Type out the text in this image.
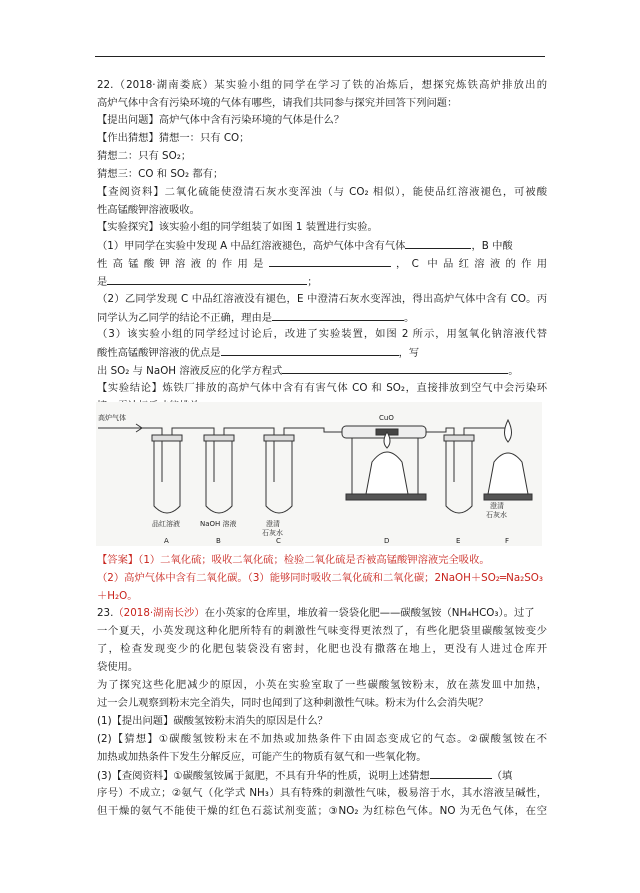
22.（2018·湖南娄底）某实验小组的同学在学习了铁的冶炼后，想探究炼铁高炉排放出的
高炉气体中含有污染环境的气体有哪些，请我们共同参与探究并回答下列问题：
【提出问题】高炉气体中含有污染环境的气体是什么？
【作出猜想】猜想一：只有 CO；
猜想二：只有 SO₂；
猜想三：CO 和 SO₂ 都有；
【查阅资料】二氧化硫能使澄清石灰水变浑浊（与 CO₂ 相似），能使品红溶液褪色，可被酸
性高锰酸钾溶液吸收。
【实验探究】该实验小组的同学组装了如图 1 装置进行实验。
（1）甲同学在实验中发现 A 中品红溶液褪色，高炉气体中含有气体	，B 中酸
性高锰酸钾溶液的作用是	，C 中品红溶液的作用
是	；
（2）乙同学发现 C 中品红溶液没有褪色，E 中澄清石灰水变浑浊，得出高炉气体中含有 CO。丙
同学认为乙同学的结论不正确，理由是	。
（3）该实验小组的同学经过讨论后，改进了实验装置，如图 2 所示，用氢氧化钠溶液代替
酸性高锰酸钾溶液的优点是	，写
出 SO₂ 与 NaOH 溶液反应的化学方程式	。
【实验结论】炼铁厂排放的高炉气体中含有有害气体 CO 和 SO₂，直接排放到空气中会污染环
高炉气体	CuO
品红溶液	NaOH 溶液	澄清
石灰水
澄清
石灰水
A	B	C	D	E	F
【答案】（1）二氧化硫；吸收二氧化硫；检验二氧化硫是否被高锰酸钾溶液完全吸收。
（2）高炉气体中含有二氧化碳。（3）能够同时吸收二氧化硫和二氧化碳；2NaOH＋SO₂═Na₂SO₃
＋H₂O。
23.（2018·湖南长沙）在小英家的仓库里，堆放着一袋袋化肥——碳酸氢铵（NH₄HCO₃）。过了
一个夏天，小英发现这种化肥所特有的刺激性气味变得更浓烈了，有些化肥袋里碳酸氢铵变少
了，检查发现变少的化肥包装袋没有密封，化肥也没有撒落在地上，更没有人进过仓库开
袋使用。
为了探究这些化肥减少的原因，小英在实验室取了一些碳酸氢铵粉末，放在蒸发皿中加热，
过一会儿观察到粉末完全消失，同时也闻到了这种刺激性气味。粉末为什么会消失呢？
(1)【提出问题】碳酸氢铵粉末消失的原因是什么？
(2)【猜想】①碳酸氢铵粉末在不加热或加热条件下由固态变成它的气态。②碳酸氢铵在不
加热或加热条件下发生分解反应，可能产生的物质有氨气和一些氧化物。
(3)【查阅资料】①碳酸氢铵属于氮肥，不具有升华的性质，说明上述猜想	（填
序号）不成立；②氨气（化学式 NH₃）具有特殊的刺激性气味，极易溶于水，其水溶液呈碱性，
但干燥的氨气不能使干燥的红色石蕊试剂变蓝；③NO₂ 为红棕色气体。NO 为无色气体，在空
